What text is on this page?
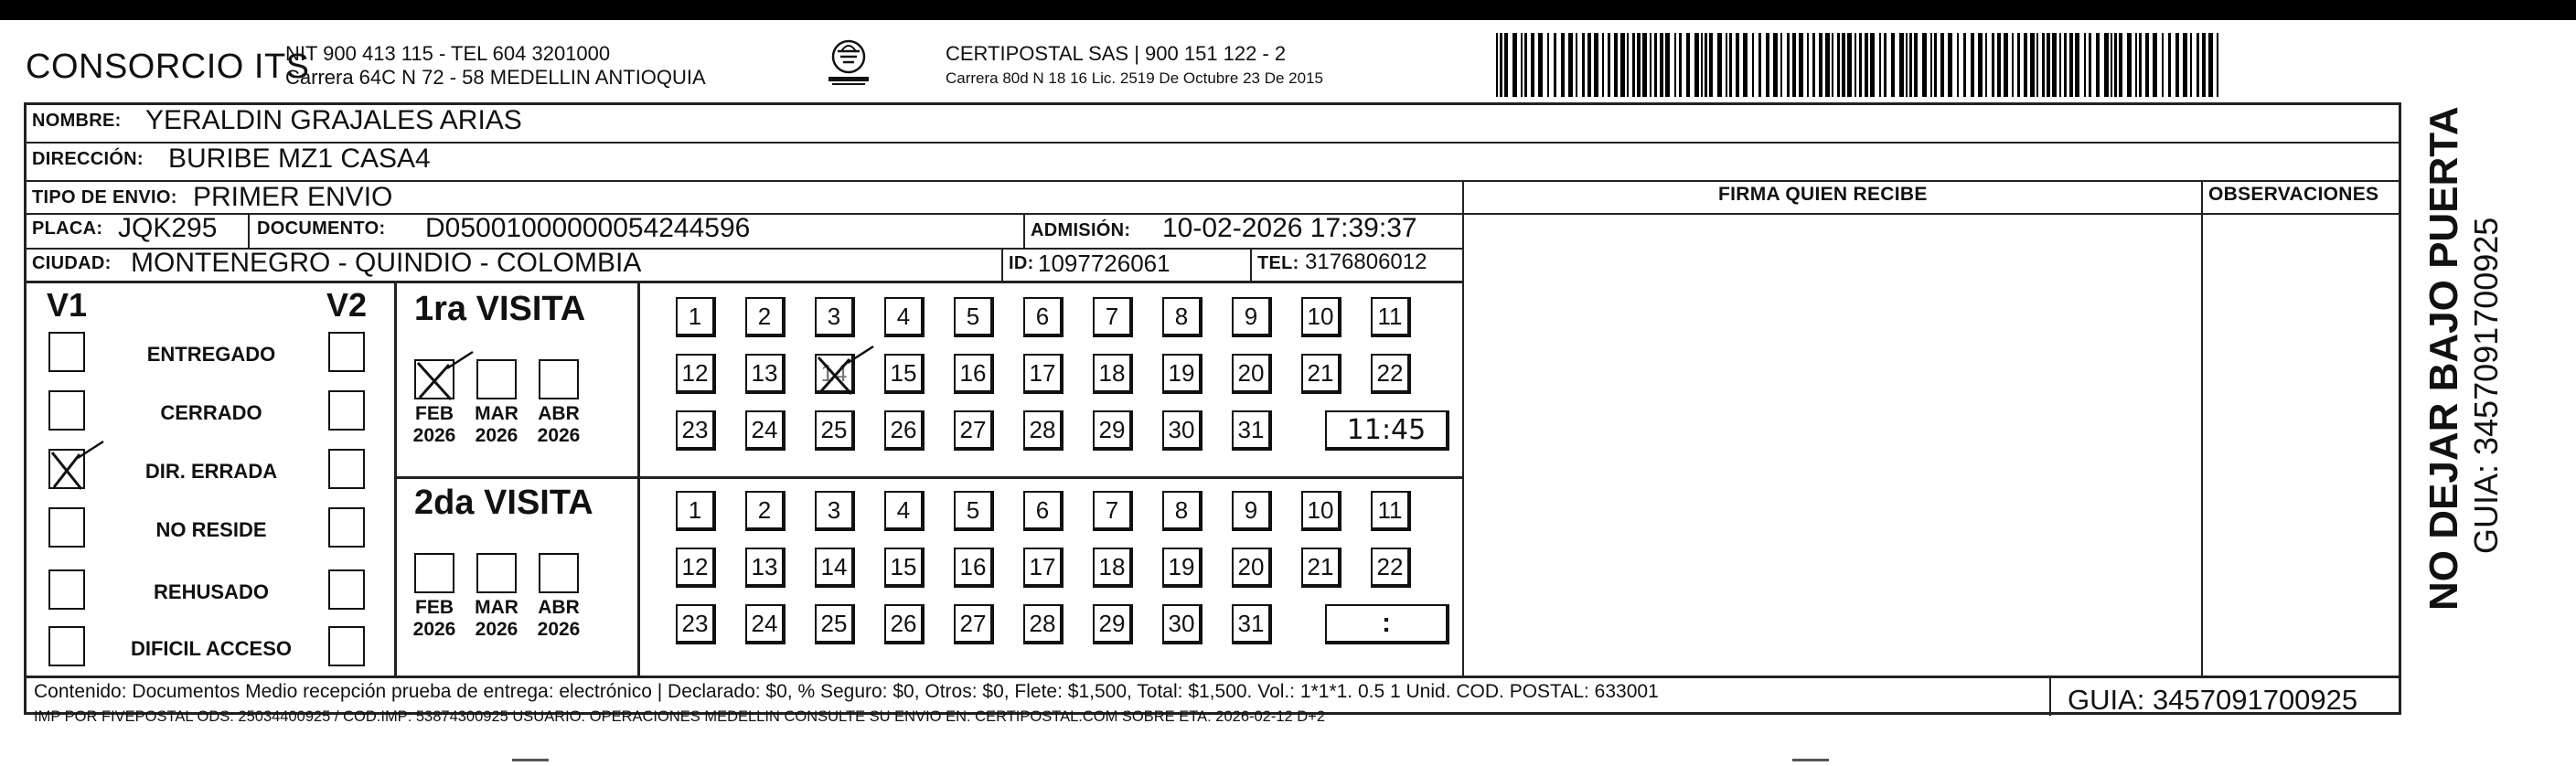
CONSORCIO ITS
NIT 900 413 115 - TEL 604 3201000
Carrera 64C N 72 - 58 MEDELLIN ANTIOQUIA
CERTIPOSTAL SAS | 900 151 122 - 2
Carrera 80d N 18 16 Lic. 2519 De Octubre 23 De 2015
NOMBRE: YERALDIN GRAJALES ARIAS
DIRECCIÓN: BURIBE MZ1 CASA4
TIPO DE ENVIO: PRIMER ENVIO	FIRMA QUIEN RECIBE	OBSERVACIONES
PLACA: JQK295 DOCUMENTO: D05001000000054244596	ADMISIÓN: 10-02-2026 17:39:37
CIUDAD: MONTENEGRO - QUINDIO - COLOMBIA	ID: 1097726061	TEL: 3176806012
V1	V2
Contenido: Documentos Medio recepción prueba de entrega: electrónico | Declarado: $0, % Seguro: $0, Otros: $0, Flete: $1,500, Total: $1,500. Vol.: 1*1*1. 0.5 1 Unid. COD. POSTAL: 633001
IMP POR FIVEPOSTAL ODS: 25034400925 / COD.IMP: 53874300925 USUARIO: OPERACIONES MEDELLIN CONSULTE SU ENVIO EN: CERTIPOSTAL.COM SOBRE ETA: 2026-02-12 D+2
GUIA: 3457091700925
ENTREGADO
CERRADO
DIR. ERRADA
NO RESIDE
REHUSADO
DIFICIL ACCESO
1ra VISITA
FEB
2026
MAR
2026
ABR
2026
1	2	3	4	5	6	7	8	9	10	11
12	13	14	15	16	17	18	19	20	21	22
23	24	25	26	27	28	29	30	31	11:45
2da VISITA
FEB
2026
MAR
2026
ABR
2026
1	2	3	4	5	6	7	8	9	10	11
12	13	14	15	16	17	18	19	20	21	22
23	24	25	26	27	28	29	30	31	:
NO DEJAR BAJO PUERTA GUIA: 3457091700925
